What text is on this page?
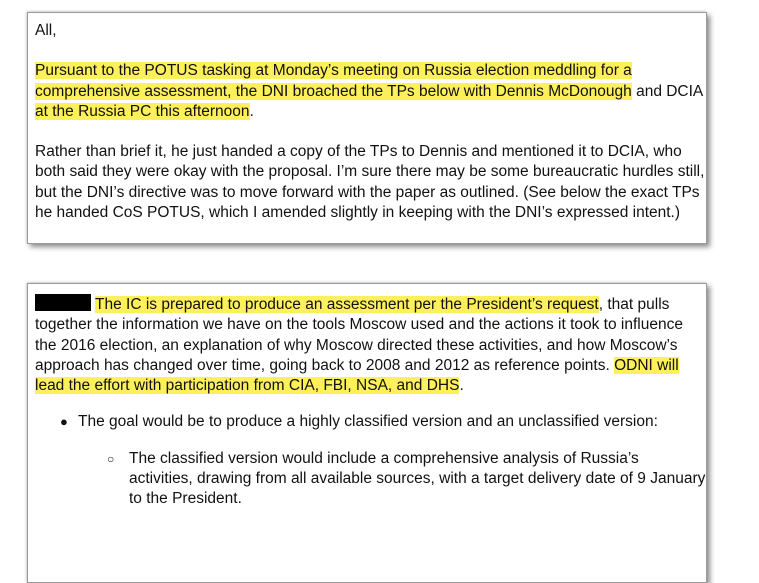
All,

Pursuant to the POTUS tasking at Monday’s meeting on Russia election meddling for a comprehensive assessment, the DNI broached the TPs below with Dennis McDonough and DCIA at the Russia PC this afternoon.

Rather than brief it, he just handed a copy of the TPs to Dennis and mentioned it to DCIA, who both said they were okay with the proposal. I’m sure there may be some bureaucratic hurdles still, but the DNI’s directive was to move forward with the paper as outlined. (See below the exact TPs he handed CoS POTUS, which I amended slightly in keeping with the DNI’s expressed intent.)

The IC is prepared to produce an assessment per the President’s request, that pulls together the information we have on the tools Moscow used and the actions it took to influence the 2016 election, an explanation of why Moscow directed these activities, and how Moscow’s approach has changed over time, going back to 2008 and 2012 as reference points. ODNI will lead the effort with participation from CIA, FBI, NSA, and DHS.

● The goal would be to produce a highly classified version and an unclassified version:

○ The classified version would include a comprehensive analysis of Russia’s activities, drawing from all available sources, with a target delivery date of 9 January to the President.
